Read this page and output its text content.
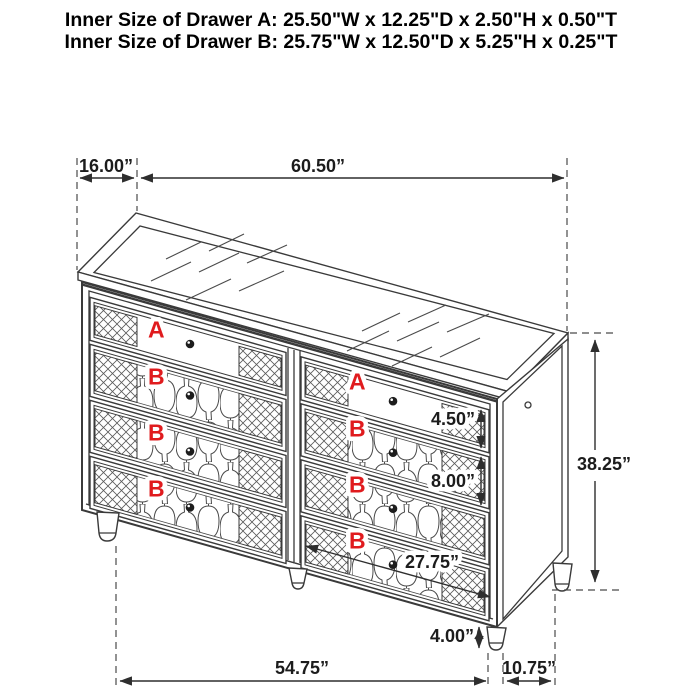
Inner Size of Drawer A: 25.50"W x 12.25"D x 2.50"H x 0.50"T
Inner Size of Drawer B: 25.75"W x 12.50"D x 5.25"H x 0.25"T
A
B
B
B
A
B
B
B
16.00”	60.50”
4.50”
8.00”
27.75”
38.25”
4.00”
54.75”	10.75”
